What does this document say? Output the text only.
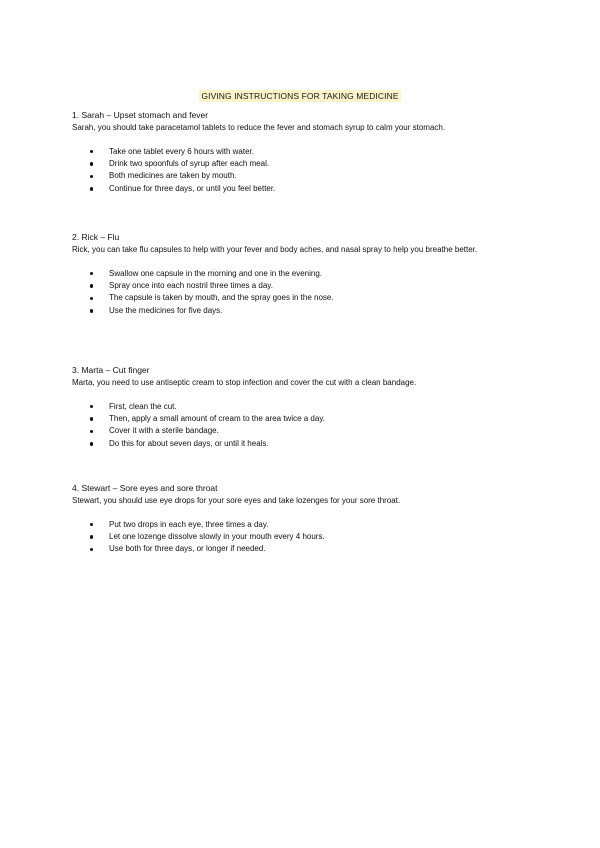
GIVING INSTRUCTIONS FOR TAKING MEDICINE

1. Sarah – Upset stomach and fever

Sarah, you should take paracetamol tablets to reduce the fever and stomach syrup to calm your stomach.

Take one tablet every 6 hours with water.
Drink two spoonfuls of syrup after each meal.
Both medicines are taken by mouth.
Continue for three days, or until you feel better.

2. Rick – Flu

Rick, you can take flu capsules to help with your fever and body aches, and nasal spray to help you breathe better.

Swallow one capsule in the morning and one in the evening.
Spray once into each nostril three times a day.
The capsule is taken by mouth, and the spray goes in the nose.
Use the medicines for five days.

3. Marta – Cut finger

Marta, you need to use antiseptic cream to stop infection and cover the cut with a clean bandage.

First, clean the cut.
Then, apply a small amount of cream to the area twice a day.
Cover it with a sterile bandage.
Do this for about seven days, or until it heals.

4. Stewart – Sore eyes and sore throat

Stewart, you should use eye drops for your sore eyes and take lozenges for your sore throat.

Put two drops in each eye, three times a day.
Let one lozenge dissolve slowly in your mouth every 4 hours.
Use both for three days, or longer if needed.
